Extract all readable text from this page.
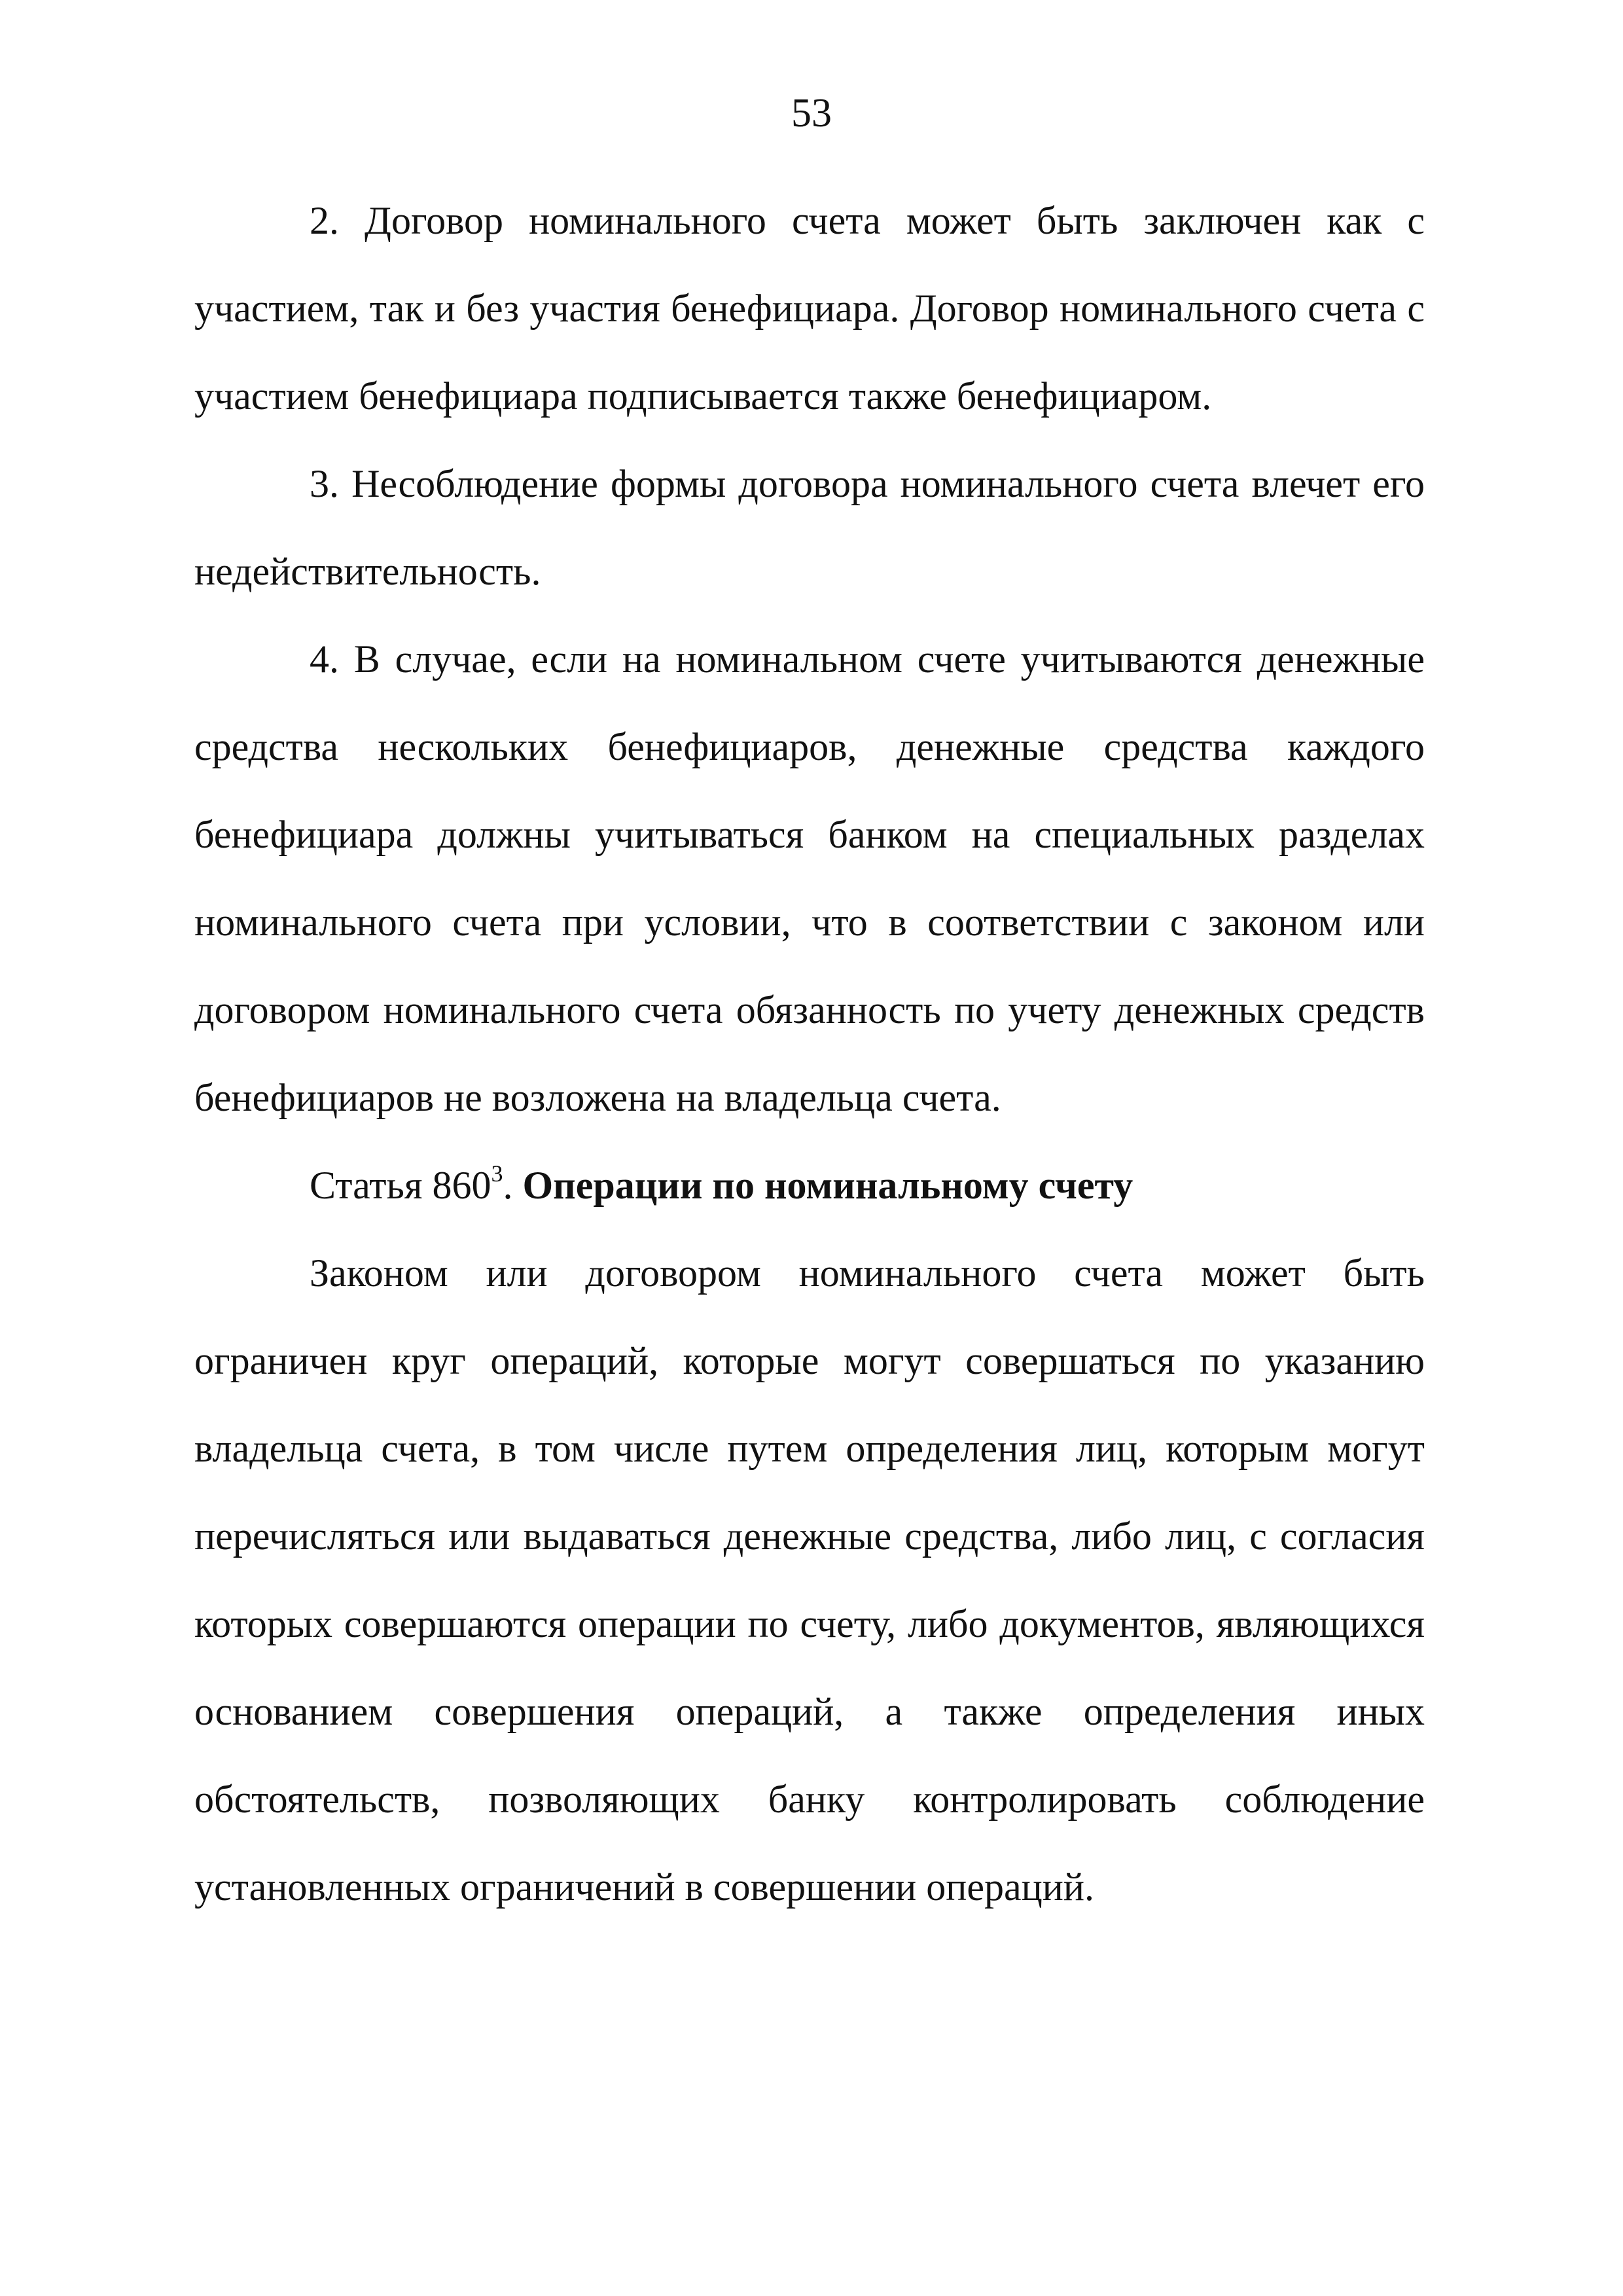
53

2. Договор номинального счета может быть заключен как с участием, так и без участия бенефициара. Договор номинального счета с участием бенефициара подписывается также бенефициаром.

3. Несоблюдение формы договора номинального счета влечет его недействительность.

4. В случае, если на номинальном счете учитываются денежные средства нескольких бенефициаров, денежные средства каждого бенефициара должны учитываться банком на специальных разделах номинального счета при условии, что в соответствии с законом или договором номинального счета обязанность по учету денежных средств бенефициаров не возложена на владельца счета.

Статья $860^3$. Операции по номинальному счету

Законом или договором номинального счета может быть ограничен круг операций, которые могут совершаться по указанию владельца счета, в том числе путем определения лиц, которым могут перечисляться или выдаваться денежные средства, либо лиц, с согласия которых совершаются операции по счету, либо документов, являющихся основанием совершения операций, а также определения иных обстоятельств, позволяющих банку контролировать соблюдение установленных ограничений в совершении операций.
